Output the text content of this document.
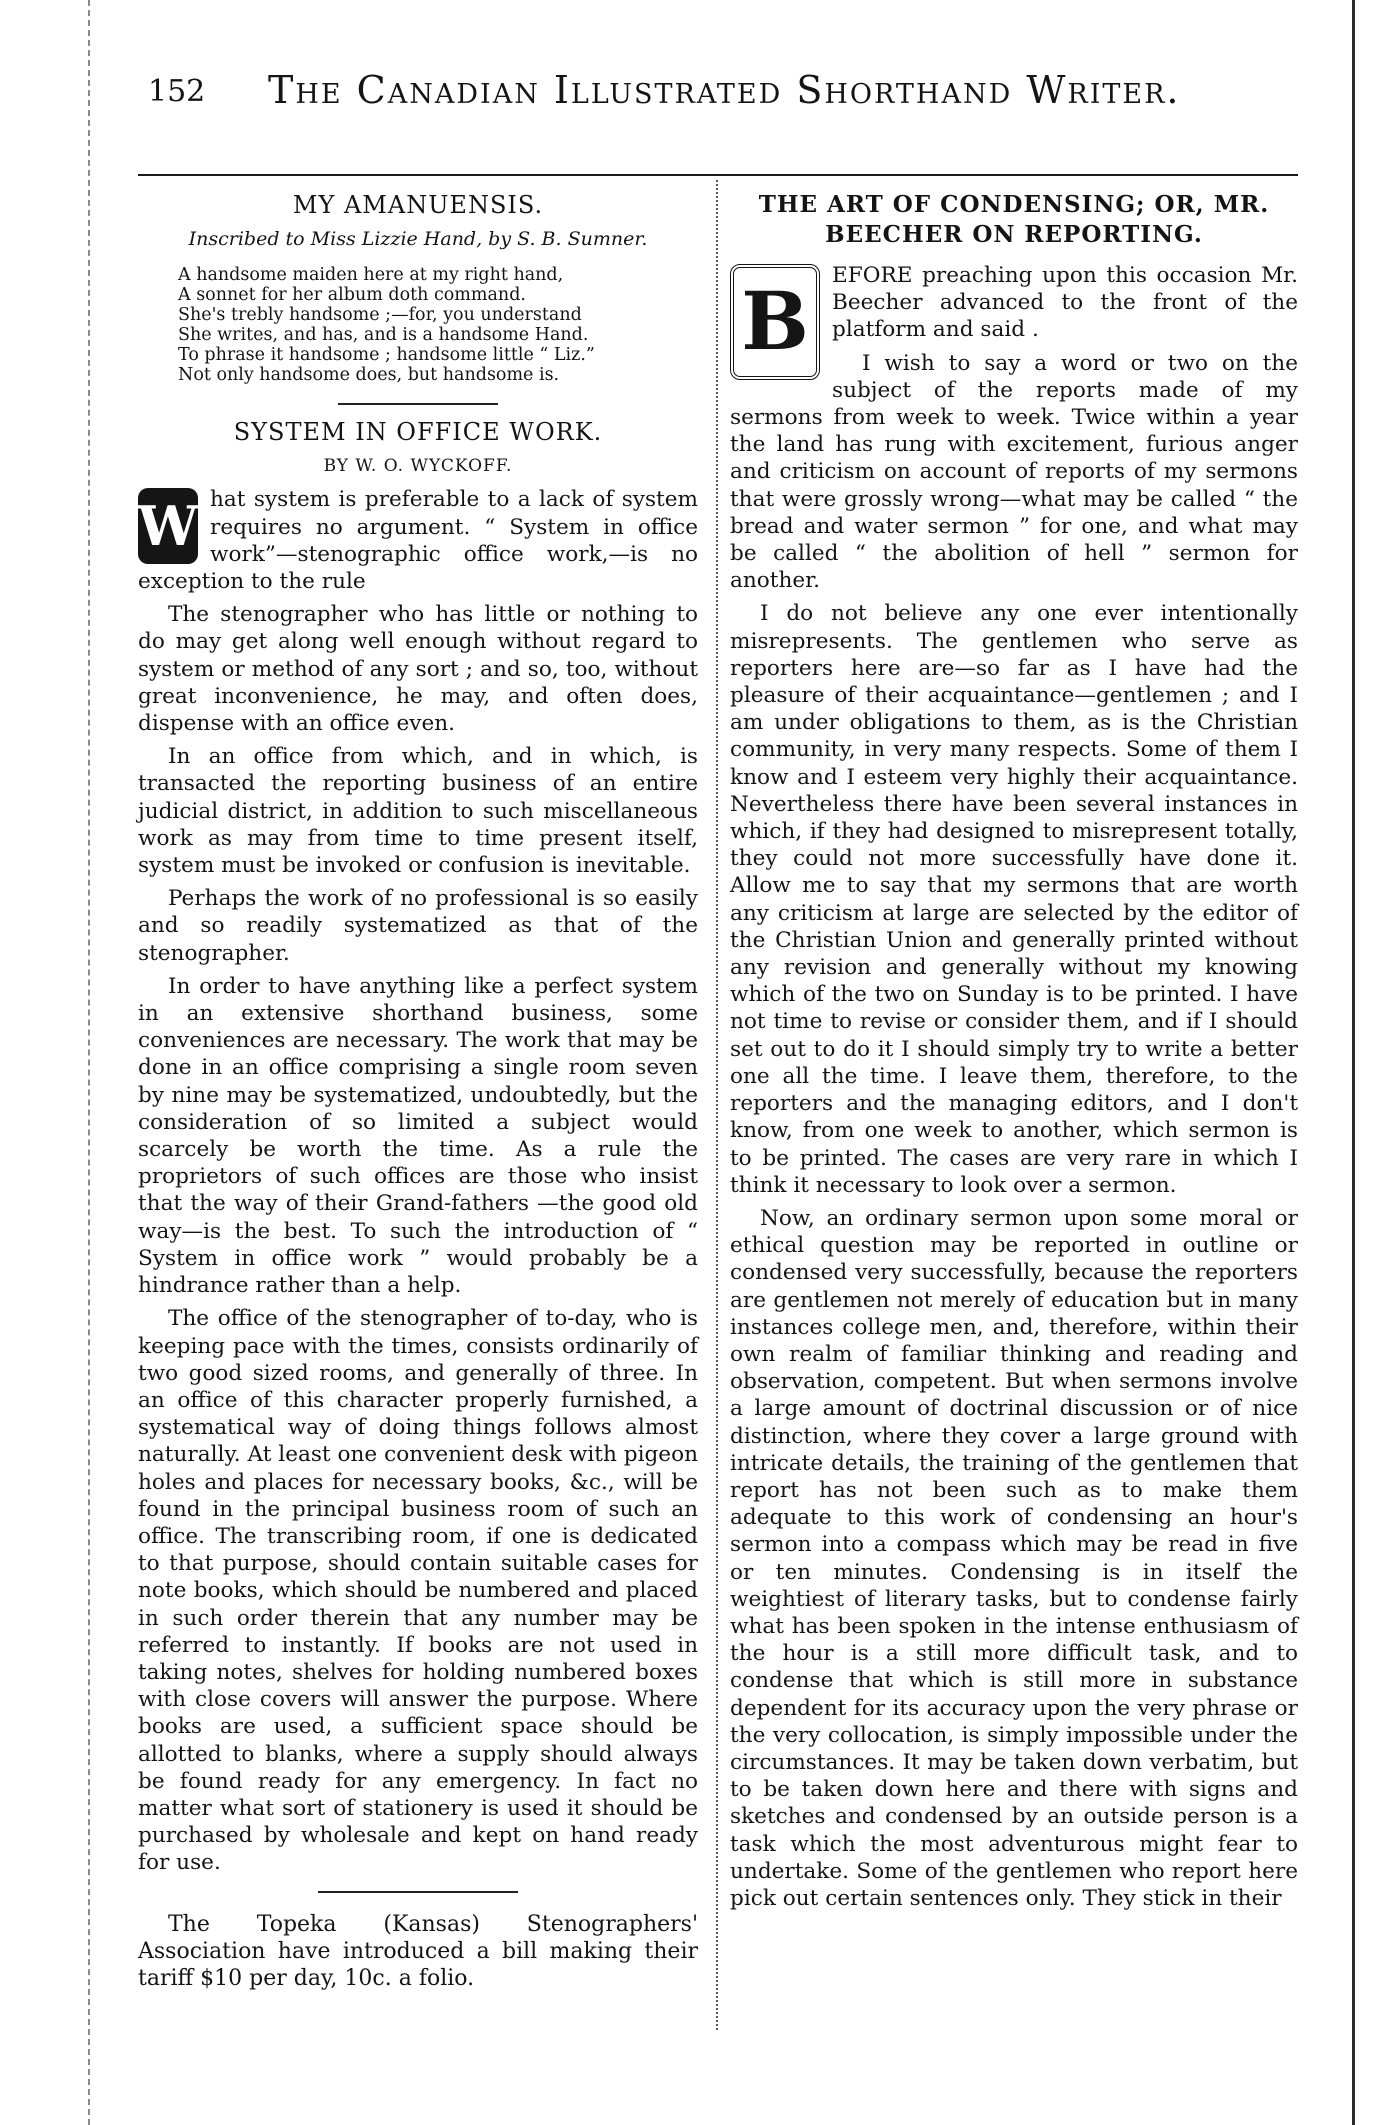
152 The Canadian Illustrated Shorthand Writer.
MY AMANUENSIS.
Inscribed to Miss Lizzie Hand, by S. B. Sumner.
A handsome maiden here at my right hand,
A sonnet for her album doth command.
She's trebly handsome ;—for, you understand
She writes, and has, and is a handsome Hand.
To phrase it handsome ; handsome little “ Liz.”
Not only handsome does, but handsome is.
SYSTEM IN OFFICE WORK.
BY W. O. WYCKOFF.

W hat system is preferable to a lack of system requires no argument. “ System in office work”—stenographic office work,—is no exception to the rule

The stenographer who has little or nothing to do may get along well enough without regard to system or method of any sort ; and so, too, without great inconvenience, he may, and often does, dispense with an office even.

In an office from which, and in which, is transacted the reporting business of an entire judicial district, in addition to such miscellaneous work as may from time to time present itself, system must be invoked or confusion is inevitable.

Perhaps the work of no professional is so easily and so readily systematized as that of the stenographer.

In order to have anything like a perfect system in an extensive shorthand business, some conveniences are necessary. The work that may be done in an office comprising a single room seven by nine may be systematized, undoubtedly, but the consideration of so limited a subject would scarcely be worth the time. As a rule the proprietors of such offices are those who insist that the way of their Grand-fathers —the good old way—is the best. To such the introduction of “ System in office work ” would probably be a hindrance rather than a help.

The office of the stenographer of to-day, who is keeping pace with the times, consists ordinarily of two good sized rooms, and generally of three. In an office of this character properly furnished, a systematical way of doing things follows almost naturally. At least one convenient desk with pigeon holes and places for necessary books, &c., will be found in the principal business room of such an office. The transcribing room, if one is dedicated to that purpose, should contain suitable cases for note books, which should be numbered and placed in such order therein that any number may be referred to instantly. If books are not used in taking notes, shelves for holding numbered boxes with close covers will answer the purpose. Where books are used, a sufficient space should be allotted to blanks, where a supply should always be found ready for any emergency. In fact no matter what sort of stationery is used it should be purchased by wholesale and kept on hand ready for use.

The Topeka (Kansas) Stenographers' Association have introduced a bill making their tariff $10 per day, 10c. a folio.

THE ART OF CONDENSING; OR, MR. BEECHER ON REPORTING.

B	EFORE preaching upon this occasion Mr. Beecher advanced to the front of the platform and said .

I wish to say a word or two on the subject of the reports made of my sermons from week to week. Twice within a year the land has rung with excitement, furious anger and criticism on account of reports of my sermons that were grossly wrong—what may be called “ the bread and water sermon ” for one, and what may be called “ the abolition of hell ” sermon for another.

I do not believe any one ever intentionally misrepresents. The gentlemen who serve as reporters here are—so far as I have had the pleasure of their acquaintance—gentlemen ; and I am under obligations to them, as is the Christian community, in very many respects. Some of them I know and I esteem very highly their acquaintance. Nevertheless there have been several instances in which, if they had designed to misrepresent totally, they could not more successfully have done it. Allow me to say that my sermons that are worth any criticism at large are selected by the editor of the Christian Union and generally printed without any revision and generally without my knowing which of the two on Sunday is to be printed. I have not time to revise or consider them, and if I should set out to do it I should simply try to write a better one all the time. I leave them, therefore, to the reporters and the managing editors, and I don't know, from one week to another, which sermon is to be printed. The cases are very rare in which I think it necessary to look over a sermon.

Now, an ordinary sermon upon some moral or ethical question may be reported in outline or condensed very successfully, because the reporters are gentlemen not merely of education but in many instances college men, and, therefore, within their own realm of familiar thinking and reading and observation, competent. But when sermons involve a large amount of doctrinal discussion or of nice distinction, where they cover a large ground with intricate details, the training of the gentlemen that report has not been such as to make them adequate to this work of condensing an hour's sermon into a compass which may be read in five or ten minutes. Condensing is in itself the weightiest of literary tasks, but to condense fairly what has been spoken in the intense enthusiasm of the hour is a still more difficult task, and to condense that which is still more in substance dependent for its accuracy upon the very phrase or the very collocation, is simply impossible under the circumstances. It may be taken down verbatim, but to be taken down here and there with signs and sketches and condensed by an outside person is a task which the most adventurous might fear to undertake. Some of the gentlemen who report here pick out certain sentences only. They stick in their
